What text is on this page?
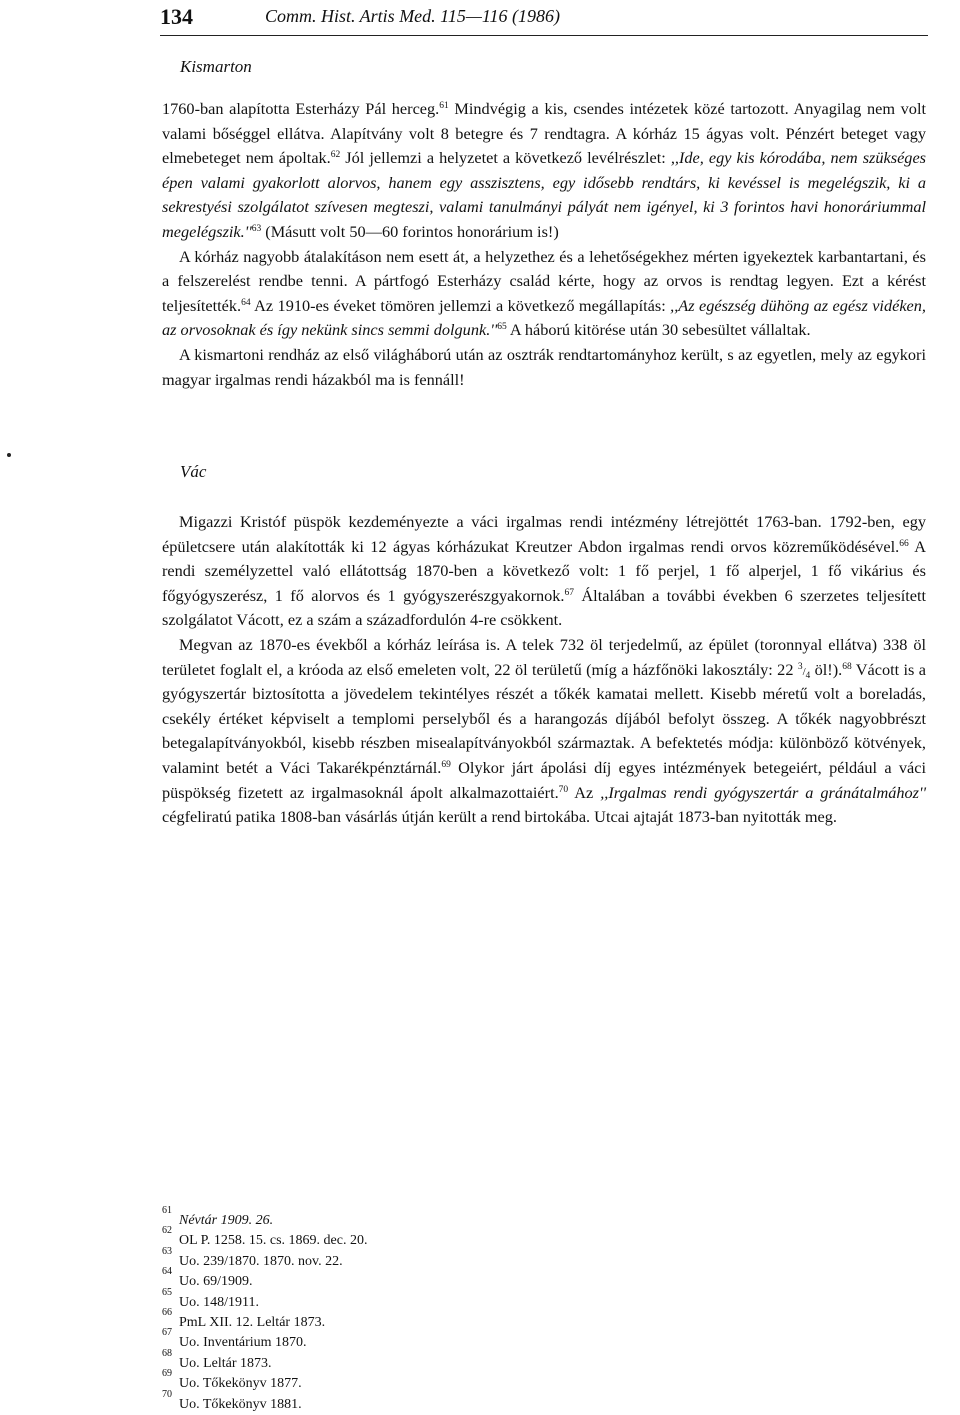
134	Comm. Hist. Artis Med. 115—116 (1986)
Kismarton

1760-ban alapította Esterházy Pál herceg.$^{61}$ Mindvégig a kis, csendes intézetek közé tartozott. Anyagilag nem volt valami bőséggel ellátva. Alapítvány volt 8 betegre és 7 rendtagra. A kórház 15 ágyas volt. Pénzért beteget vagy elmebeteget nem ápoltak.$^{62}$ Jól jellemzi a helyzetet a következő levélrészlet: ,,Ide, egy kis kórodába, nem szükséges épen valami gyakorlott alorvos, hanem egy asszisztens, egy idősebb rendtárs, ki kevéssel is megelégszik, ki a sekrestyési szolgálatot szívesen megteszi, valami tanulmányi pályát nem igényel, ki 3 forintos havi honoráriummal $megelégszik.''^{63}$ (Másutt volt 50—60 forintos honorárium is!)

A kórház nagyobb átalakításon nem esett át, a helyzethez és a lehetőségekhez mérten igyekeztek karbantartani, és a felszerelést rendbe tenni. A pártfogó Esterházy család kérte, hogy az orvos is rendtag legyen. Ezt a kérést teljesítették.$^{64}$ Az 1910-es éveket tömören jellemzi a következő megállapítás: ,,Az egészség dühöng az egész vidéken, az orvosoknak és így nekünk sincs semmi $dolgunk.''^{65}$ A háború kitörése után 30 sebesültet vállaltak.

A kismartoni rendház az első világháború után az osztrák rendtartományhoz került, s az egyetlen, mely az egykori magyar irgalmas rendi házakból ma is fennáll!

Vác

Migazzi Kristóf püspök kezdeményezte a váci irgalmas rendi intézmény létrejöttét 1763-ban. 1792-ben, egy épületcsere után alakították ki 12 ágyas kórházukat Kreutzer Abdon irgalmas rendi orvos közreműködésével.$^{66}$ A rendi személyzettel való ellátottság 1870-ben a következő volt: 1 fő perjel, 1 fő alperjel, 1 fő vikárius és főgyógyszerész, 1 fő alorvos és 1 gyógyszerészgyakornok.$^{67}$ Általában a további években 6 szerzetes teljesített szolgálatot Vácott, ez a szám a századfordulón 4-re csökkent.

Megvan az 1870-es évekből a kórház leírása is. A telek 732 öl terjedelmű, az épület (toronnyal ellátva) 338 öl területet foglalt el, a króoda az első emeleten volt, 22 öl területű (míg a házfőnöki lakosztály: 22 $^3/_4$ öl!).$^{68}$ Vácott is a gyógyszertár biztosította a jövedelem tekintélyes részét a tőkék kamatai mellett. Kisebb méretű volt a boreladás, csekély értéket képviselt a templomi perselyből és a harangozás díjából befolyt összeg. A tőkék nagyobbrészt betegalapítványokból, kisebb részben misealapítványokból származtak. A befektetés módja: különböző kötvények, valamint betét a Váci Takarékpénztárnál.$^{69}$ Olykor járt ápolási díj egyes intézmények betegeiért, például a váci püspökség fizetett az irgalmasoknál ápolt alkalmazottaiért.$^{70}$ Az ,,Irgalmas rendi gyógyszertár a gránátalmához'' cégfeliratú patika 1808-ban vásárlás útján került a rend birtokába. Utcai ajtaját 1873-ban nyitották meg.

61
Névtár 1909. 26.
62
OL P. 1258. 15. cs. 1869. dec. 20.
63
Uo. 239/1870. 1870. nov. 22.
64
Uo. 69/1909.
65
Uo. 148/1911.
66
PmL XII. 12. Leltár 1873.
67
Uo. Inventárium 1870.
68
Uo. Leltár 1873.
69
Uo. Tőkekönyv 1877.
70
Uo. Tőkekönyv 1881.
